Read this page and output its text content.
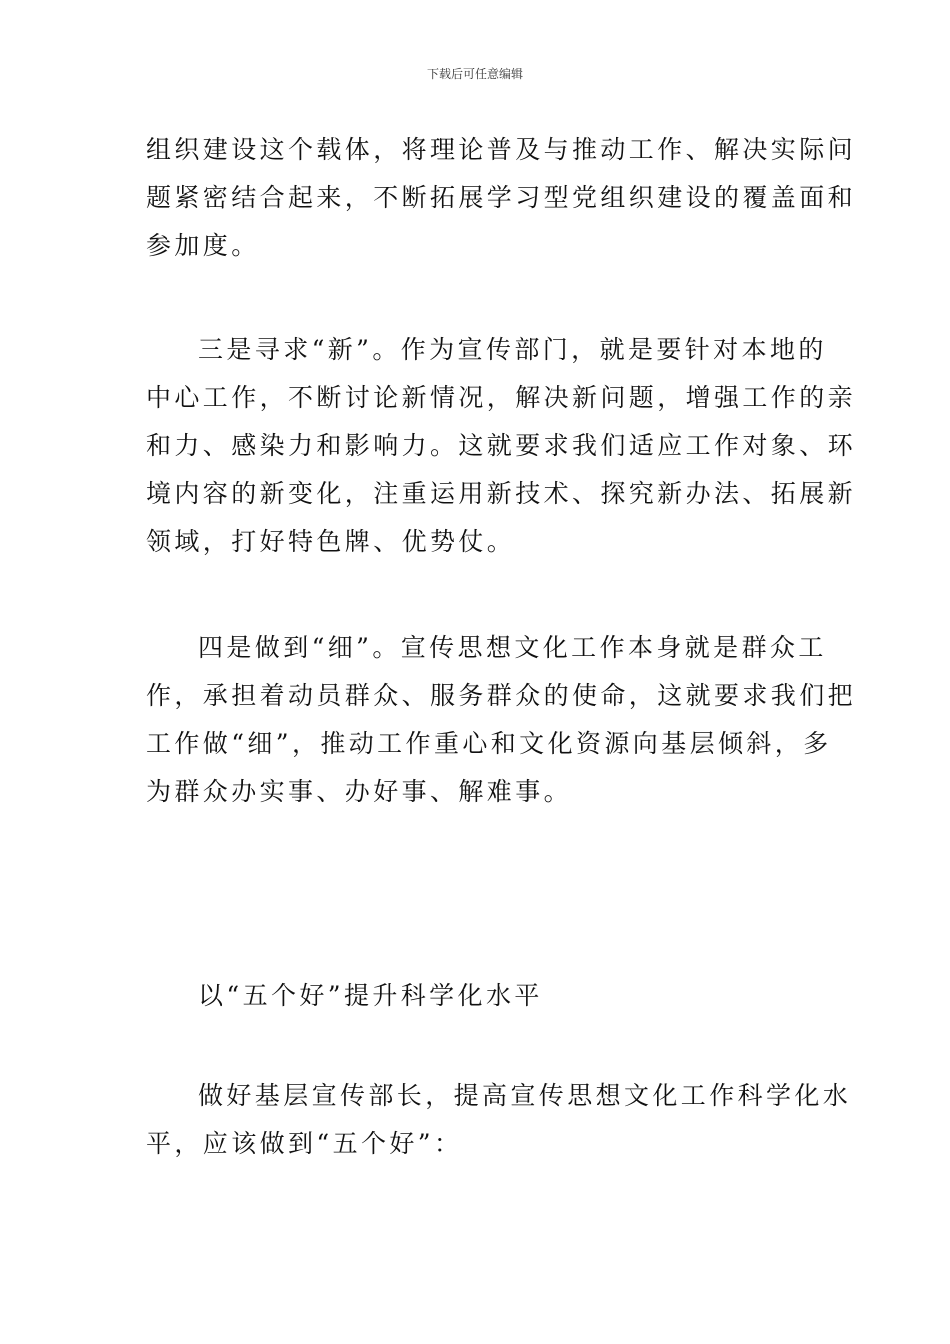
下载后可任意编辑
组织建设这个载体，将理论普及与推动工作、解决实际问
题紧密结合起来，不断拓展学习型党组织建设的覆盖面和
参加度。
三是寻求“新”。作为宣传部门，就是要针对本地的
中心工作，不断讨论新情况，解决新问题，增强工作的亲
和力、感染力和影响力。这就要求我们适应工作对象、环
境内容的新变化，注重运用新技术、探究新办法、拓展新
领域，打好特色牌、优势仗。
四是做到“细”。宣传思想文化工作本身就是群众工
作，承担着动员群众、服务群众的使命，这就要求我们把
工作做“细”，推动工作重心和文化资源向基层倾斜，多
为群众办实事、办好事、解难事。
以“五个好”提升科学化水平
做好基层宣传部长，提高宣传思想文化工作科学化水
平，应该做到“五个好”：
